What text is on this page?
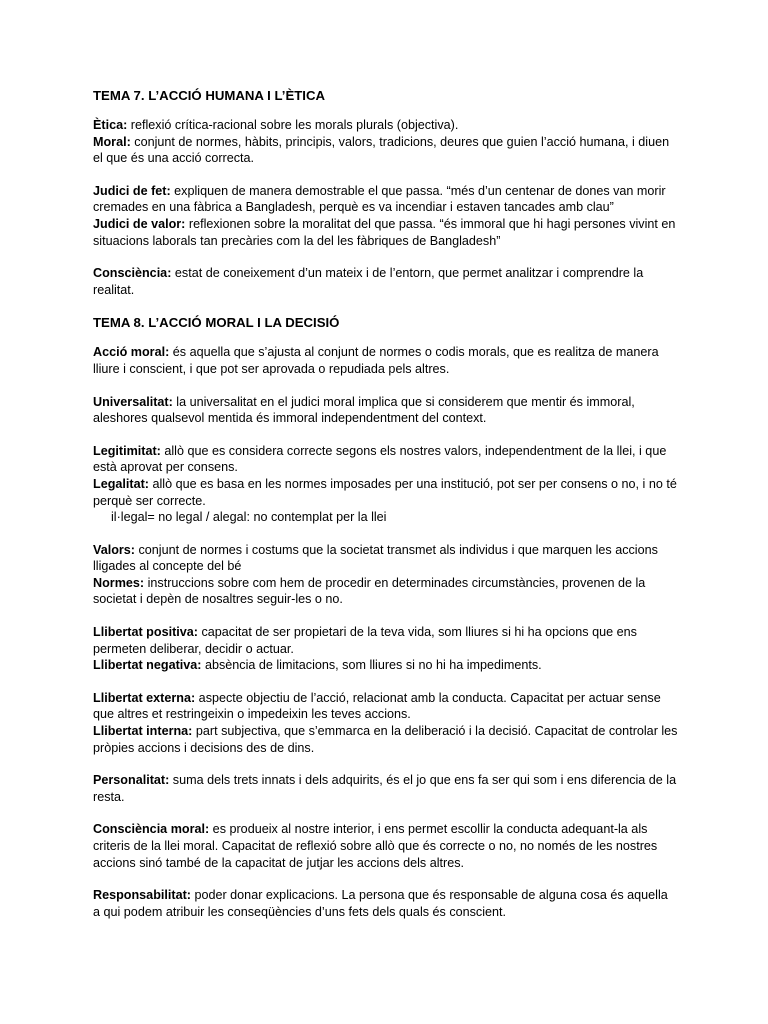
TEMA 7. L’ACCIÓ HUMANA I L’ÈTICA
Ètica: reflexió crítica-racional sobre les morals plurals (objectiva).
Moral: conjunt de normes, hàbits, principis, valors, tradicions, deures que guien l’acció humana, i diuen el que és una acció correcta.
Judici de fet: expliquen de manera demostrable el que passa. “més d’un centenar de dones van morir cremades en una fàbrica a Bangladesh, perquè es va incendiar i estaven tancades amb clau”
Judici de valor: reflexionen sobre la moralitat del que passa. “és immoral que hi hagi persones vivint en situacions laborals tan precàries com la del les fàbriques de Bangladesh”
Consciència: estat de coneixement d’un mateix i de l’entorn, que permet analitzar i comprendre la realitat.
TEMA 8. L’ACCIÓ MORAL I LA DECISIÓ
Acció moral: és aquella que s’ajusta al conjunt de normes o codis morals, que es realitza de manera lliure i conscient, i que pot ser aprovada o repudiada pels altres.
Universalitat: la universalitat en el judici moral implica que si considerem que mentir és immoral, aleshores qualsevol mentida és immoral independentment del context.
Legitimitat: allò que es considera correcte segons els nostres valors, independentment de la llei, i que està aprovat per consens.
Legalitat: allò que es basa en les normes imposades per una institució, pot ser per consens o no, i no té perquè ser correcte.
il·legal= no legal / alegal: no contemplat per la llei
Valors: conjunt de normes i costums que la societat transmet als individus i que marquen les accions lligades al concepte del bé
Normes: instruccions sobre com hem de procedir en determinades circumstàncies, provenen de la societat i depèn de nosaltres seguir-les o no.
Llibertat positiva: capacitat de ser propietari de la teva vida, som lliures si hi ha opcions que ens permeten deliberar, decidir o actuar.
Llibertat negativa: absència de limitacions, som lliures si no hi ha impediments.
Llibertat externa: aspecte objectiu de l’acció, relacionat amb la conducta. Capacitat per actuar sense que altres et restringeixin o impedeixin les teves accions.
Llibertat interna: part subjectiva, que s’emmarca en la deliberació i la decisió. Capacitat de controlar les pròpies accions i decisions des de dins.
Personalitat: suma dels trets innats i dels adquirits, és el jo que ens fa ser qui som i ens diferencia de la resta.
Consciència moral: es produeix al nostre interior, i ens permet escollir la conducta adequant-la als criteris de la llei moral. Capacitat de reflexió sobre allò que és correcte o no, no només de les nostres accions sinó també de la capacitat de jutjar les accions dels altres.
Responsabilitat: poder donar explicacions. La persona que és responsable de alguna cosa és aquella a qui podem atribuir les conseqüències d’uns fets dels quals és conscient.
